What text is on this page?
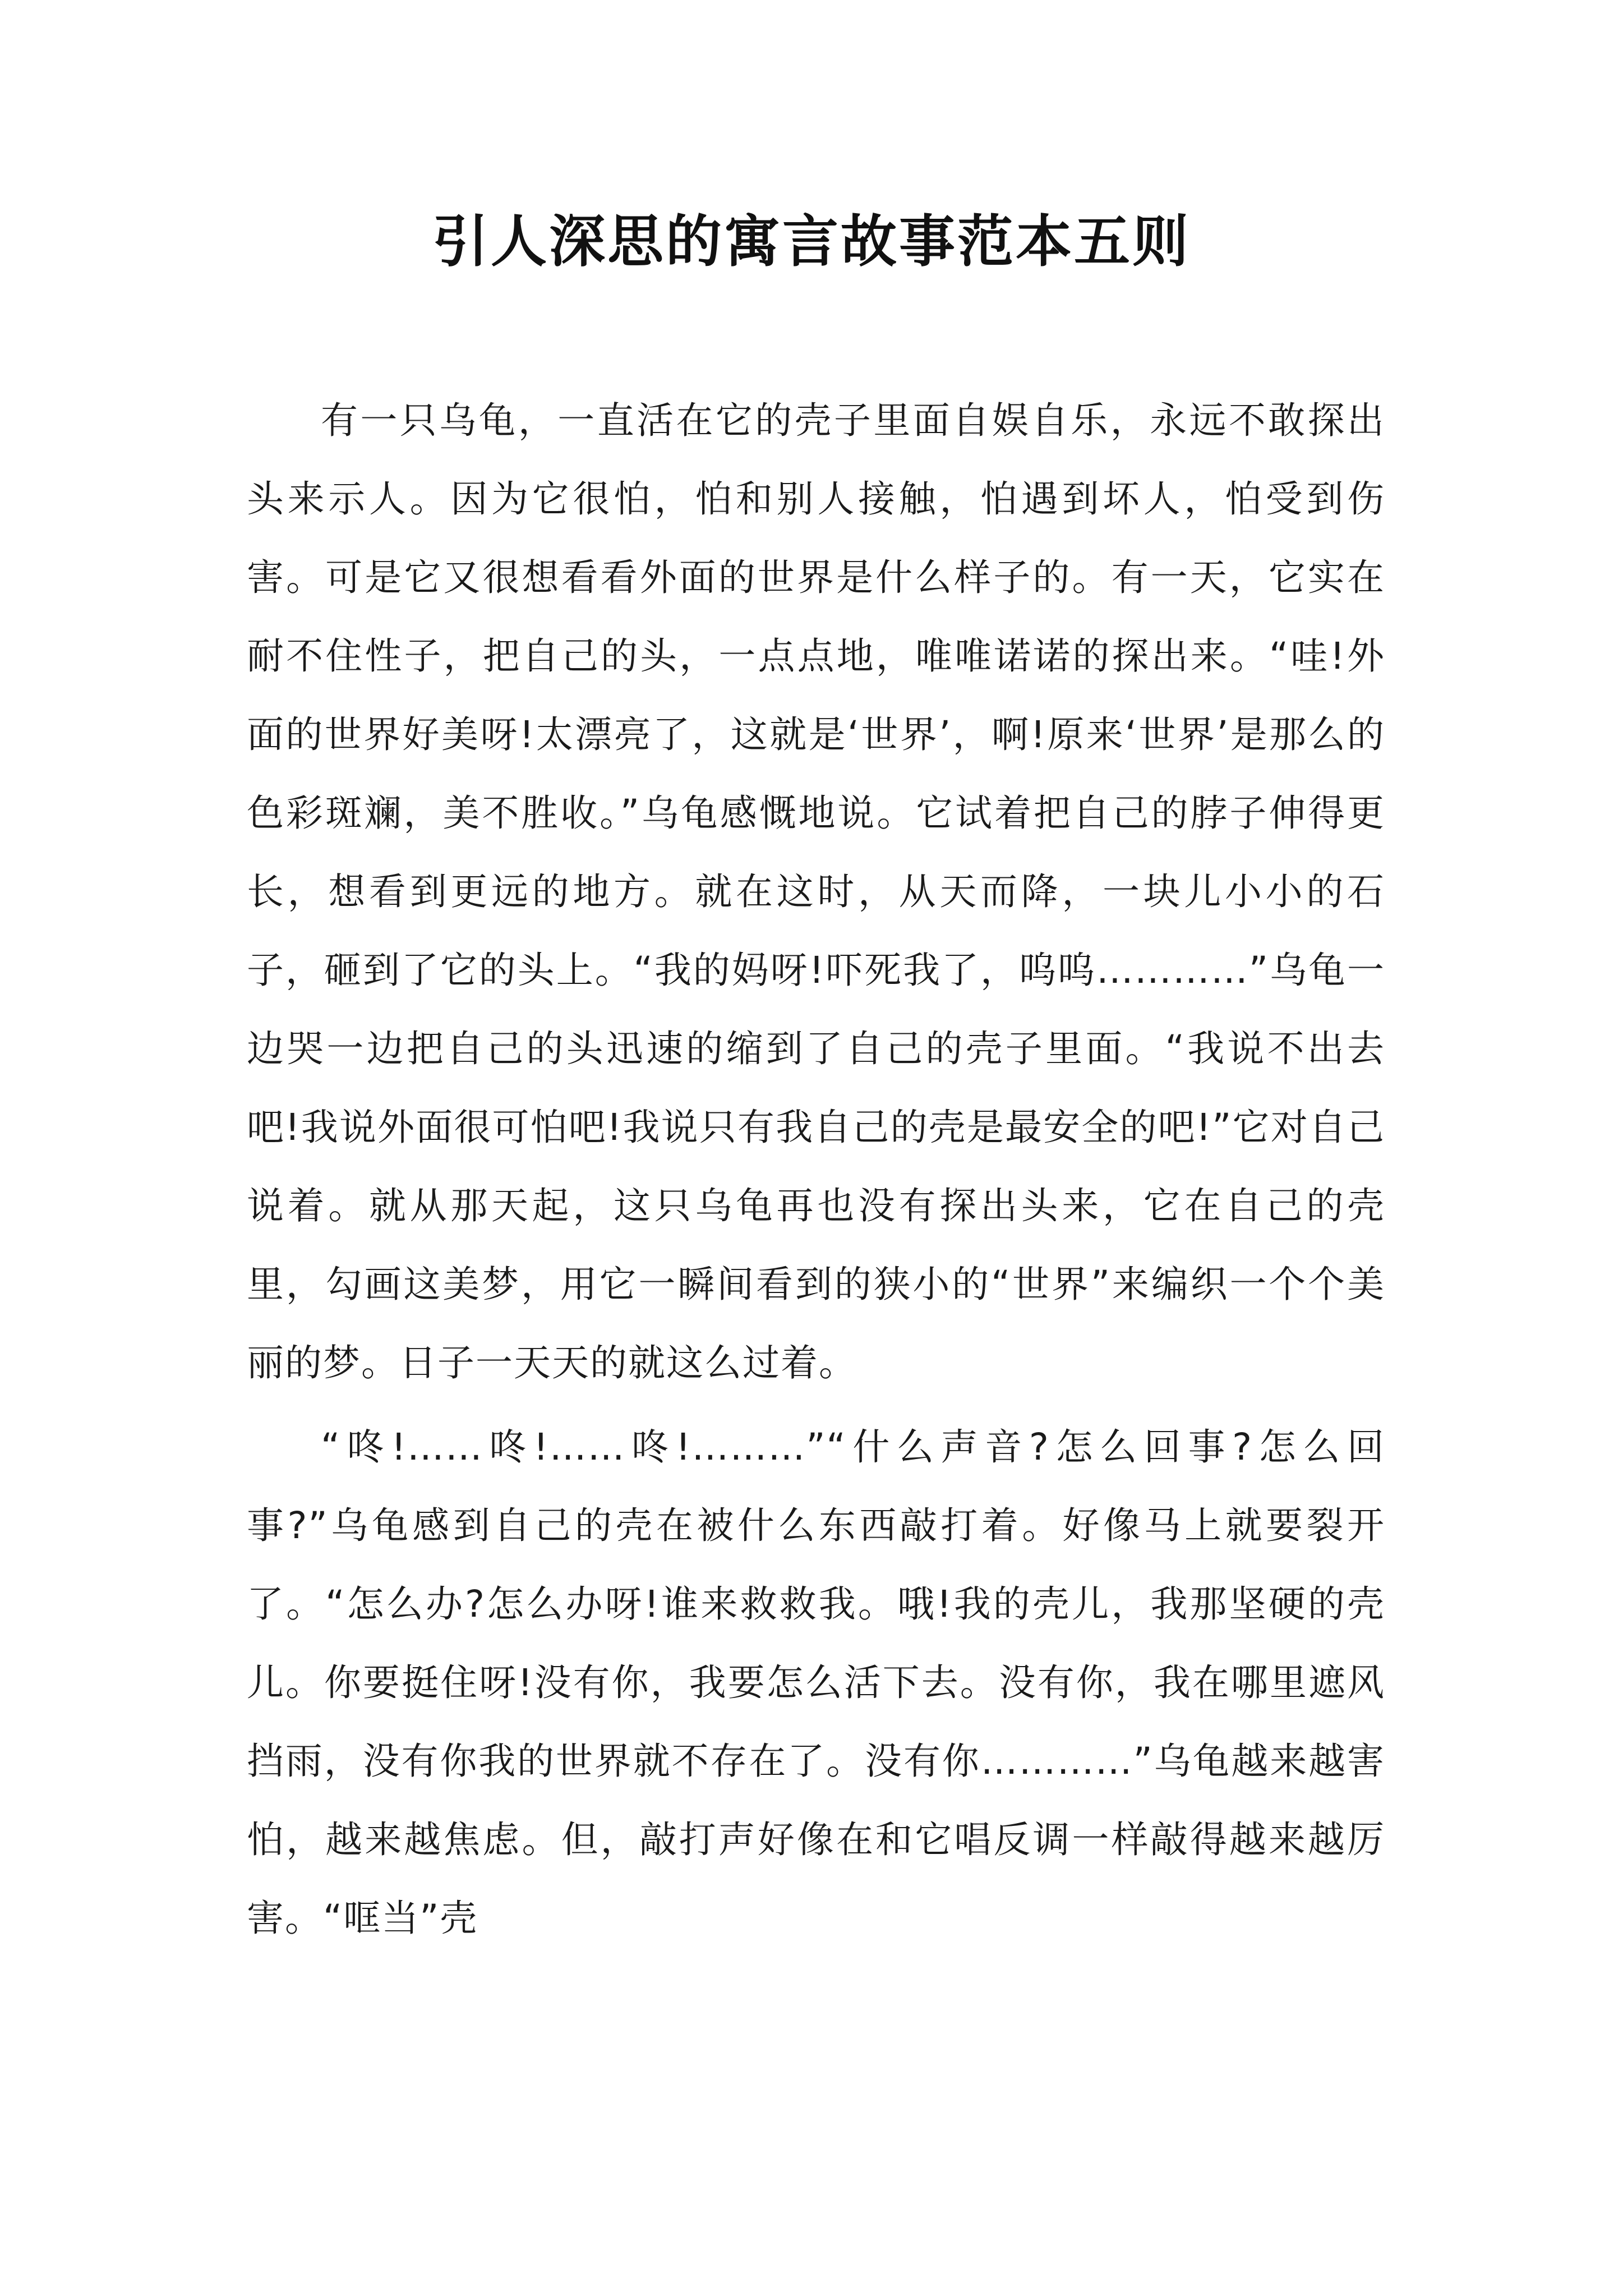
引人深思的寓言故事范本五则

有一只乌龟，一直活在它的壳子里面自娱自乐，永远不敢探出头来示人。因为它很怕，怕和别人接触，怕遇到坏人，怕受到伤害。可是它又很想看看外面的世界是什么样子的。有一天，它实在耐不住性子，把自己的头，一点点地，唯唯诺诺的探出来。“哇!外面的世界好美呀!太漂亮了，这就是‘世界’，啊!原来‘世界’是那么的色彩斑斓，美不胜收。”乌龟感慨地说。它试着把自己的脖子伸得更长，想看到更远的地方。就在这时，从天而降，一块儿小小的石子，砸到了它的头上。“我的妈呀!吓死我了，呜呜…………”乌龟一边哭一边把自己的头迅速的缩到了自己的壳子里面。“我说不出去吧!我说外面很可怕吧!我说只有我自己的壳是最安全的吧!”它对自己说着。就从那天起，这只乌龟再也没有探出头来，它在自己的壳里，勾画这美梦，用它一瞬间看到的狭小的“世界”来编织一个个美丽的梦。日子一天天的就这么过着。

“咚!……咚!……咚!………”“什么声音?怎么回事?怎么回事?”乌龟感到自己的壳在被什么东西敲打着。好像马上就要裂开了。“怎么办?怎么办呀!谁来救救我。哦!我的壳儿，我那坚硬的壳儿。你要挺住呀!没有你，我要怎么活下去。没有你，我在哪里遮风挡雨，没有你我的世界就不存在了。没有你…………”乌龟越来越害怕，越来越焦虑。但，敲打声好像在和它唱反调一样敲得越来越厉害。“哐当”壳
